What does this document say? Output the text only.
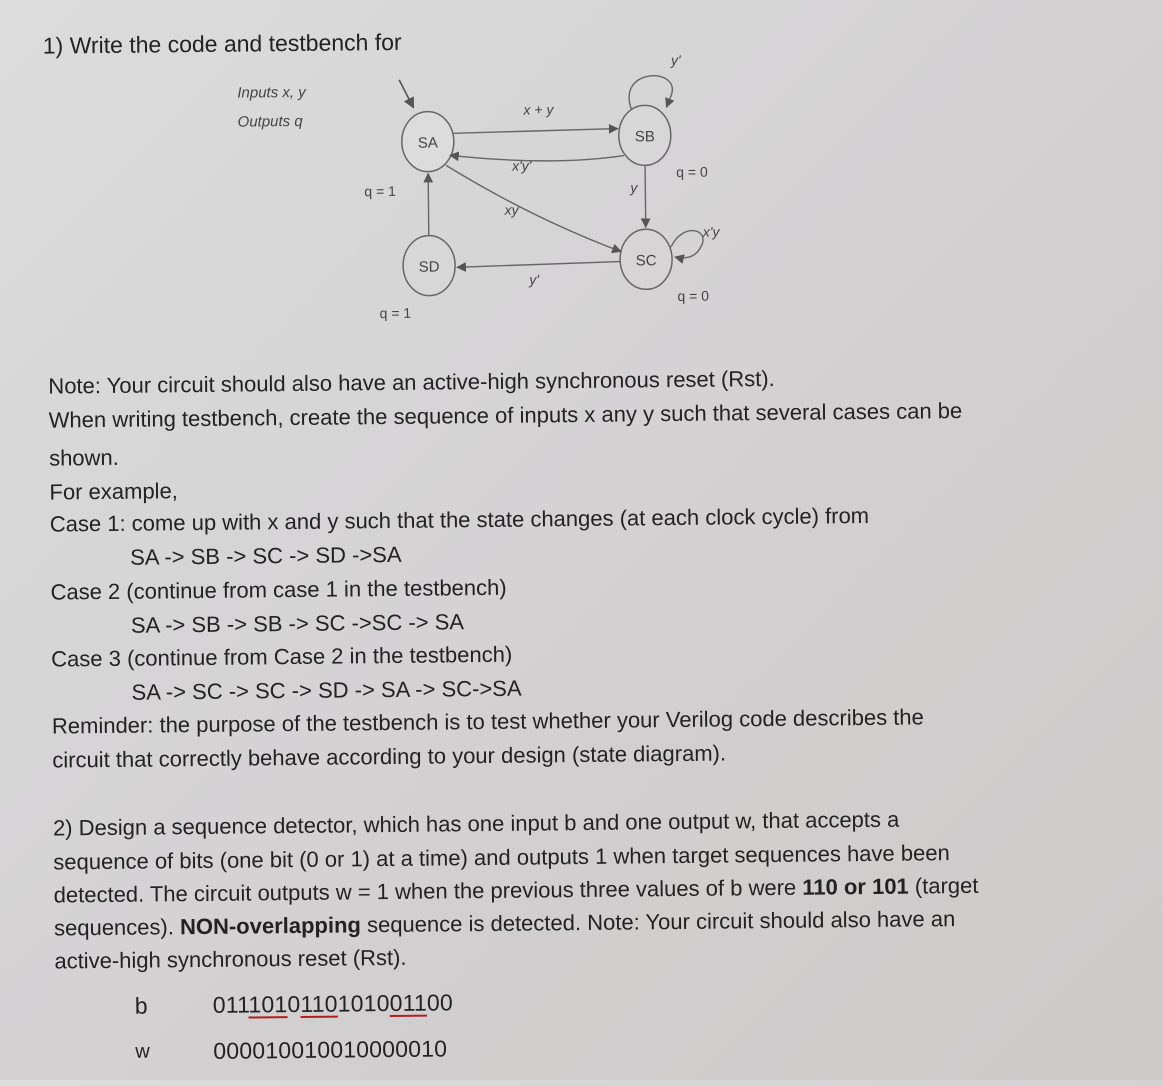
1) Write the code and testbench for
Inputs x, y
Outputs q
SA	SB
SC
SD
x + y
x'y'
xy
y'
y
x'y
y'
q = 1
q = 0
q = 0
q = 1
Note: Your circuit should also have an active-high synchronous reset (Rst).
When writing testbench, create the sequence of inputs x any y such that several cases can be
shown.
For example,
Case 1: come up with x and y such that the state changes (at each clock cycle) from
SA -> SB -> SC -> SD ->SA
Case 2 (continue from case 1 in the testbench)
SA -> SB -> SB -> SC ->SC -> SA
Case 3 (continue from Case 2 in the testbench)
SA -> SC -> SC -> SD -> SA -> SC->SA
Reminder: the purpose of the testbench is to test whether your Verilog code describes the
circuit that correctly behave according to your design (state diagram).
2) Design a sequence detector, which has one input b and one output w, that accepts a
sequence of bits (one bit (0 or 1) at a time) and outputs 1 when target sequences have been
detected. The circuit outputs w = 1 when the previous three values of b were 110 or 101 (target
sequences). NON-overlapping sequence is detected. Note: Your circuit should also have an
active-high synchronous reset (Rst).
b	0111010110101001100
w	000010010010000010
